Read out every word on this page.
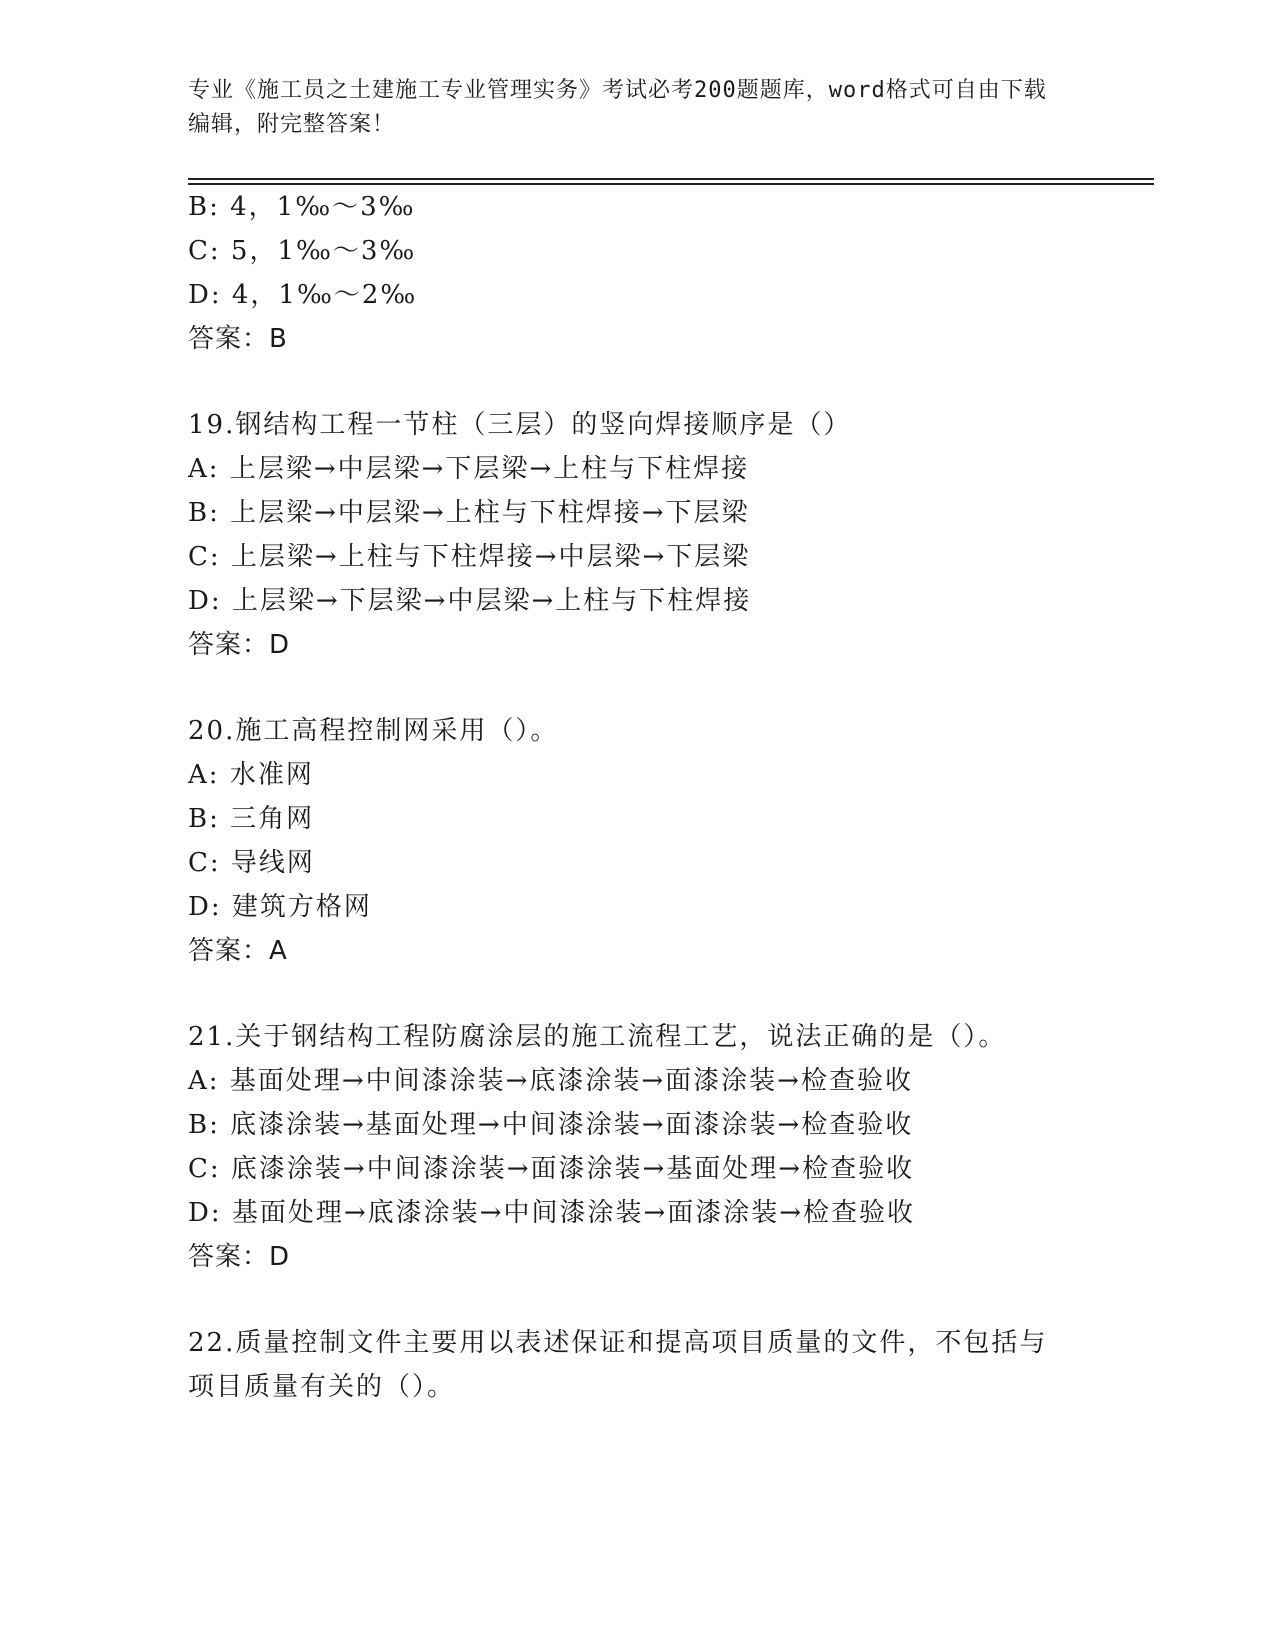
专业《施工员之土建施工专业管理实务》考试必考200题题库，word格式可自由下载编辑，附完整答案！
B: 4，1‰～3‰
C: 5，1‰～3‰
D: 4，1‰～2‰
答案：B
19.钢结构工程一节柱（三层）的竖向焊接顺序是（）
A: 上层梁→中层梁→下层梁→上柱与下柱焊接
B: 上层梁→中层梁→上柱与下柱焊接→下层梁
C: 上层梁→上柱与下柱焊接→中层梁→下层梁
D: 上层梁→下层梁→中层梁→上柱与下柱焊接
答案：D
20.施工高程控制网采用（）。
A: 水准网
B: 三角网
C: 导线网
D: 建筑方格网
答案：A
21.关于钢结构工程防腐涂层的施工流程工艺，说法正确的是（）。
A: 基面处理→中间漆涂装→底漆涂装→面漆涂装→检查验收
B: 底漆涂装→基面处理→中间漆涂装→面漆涂装→检查验收
C: 底漆涂装→中间漆涂装→面漆涂装→基面处理→检查验收
D: 基面处理→底漆涂装→中间漆涂装→面漆涂装→检查验收
答案：D
22.质量控制文件主要用以表述保证和提高项目质量的文件，不包括与
项目质量有关的（）。
